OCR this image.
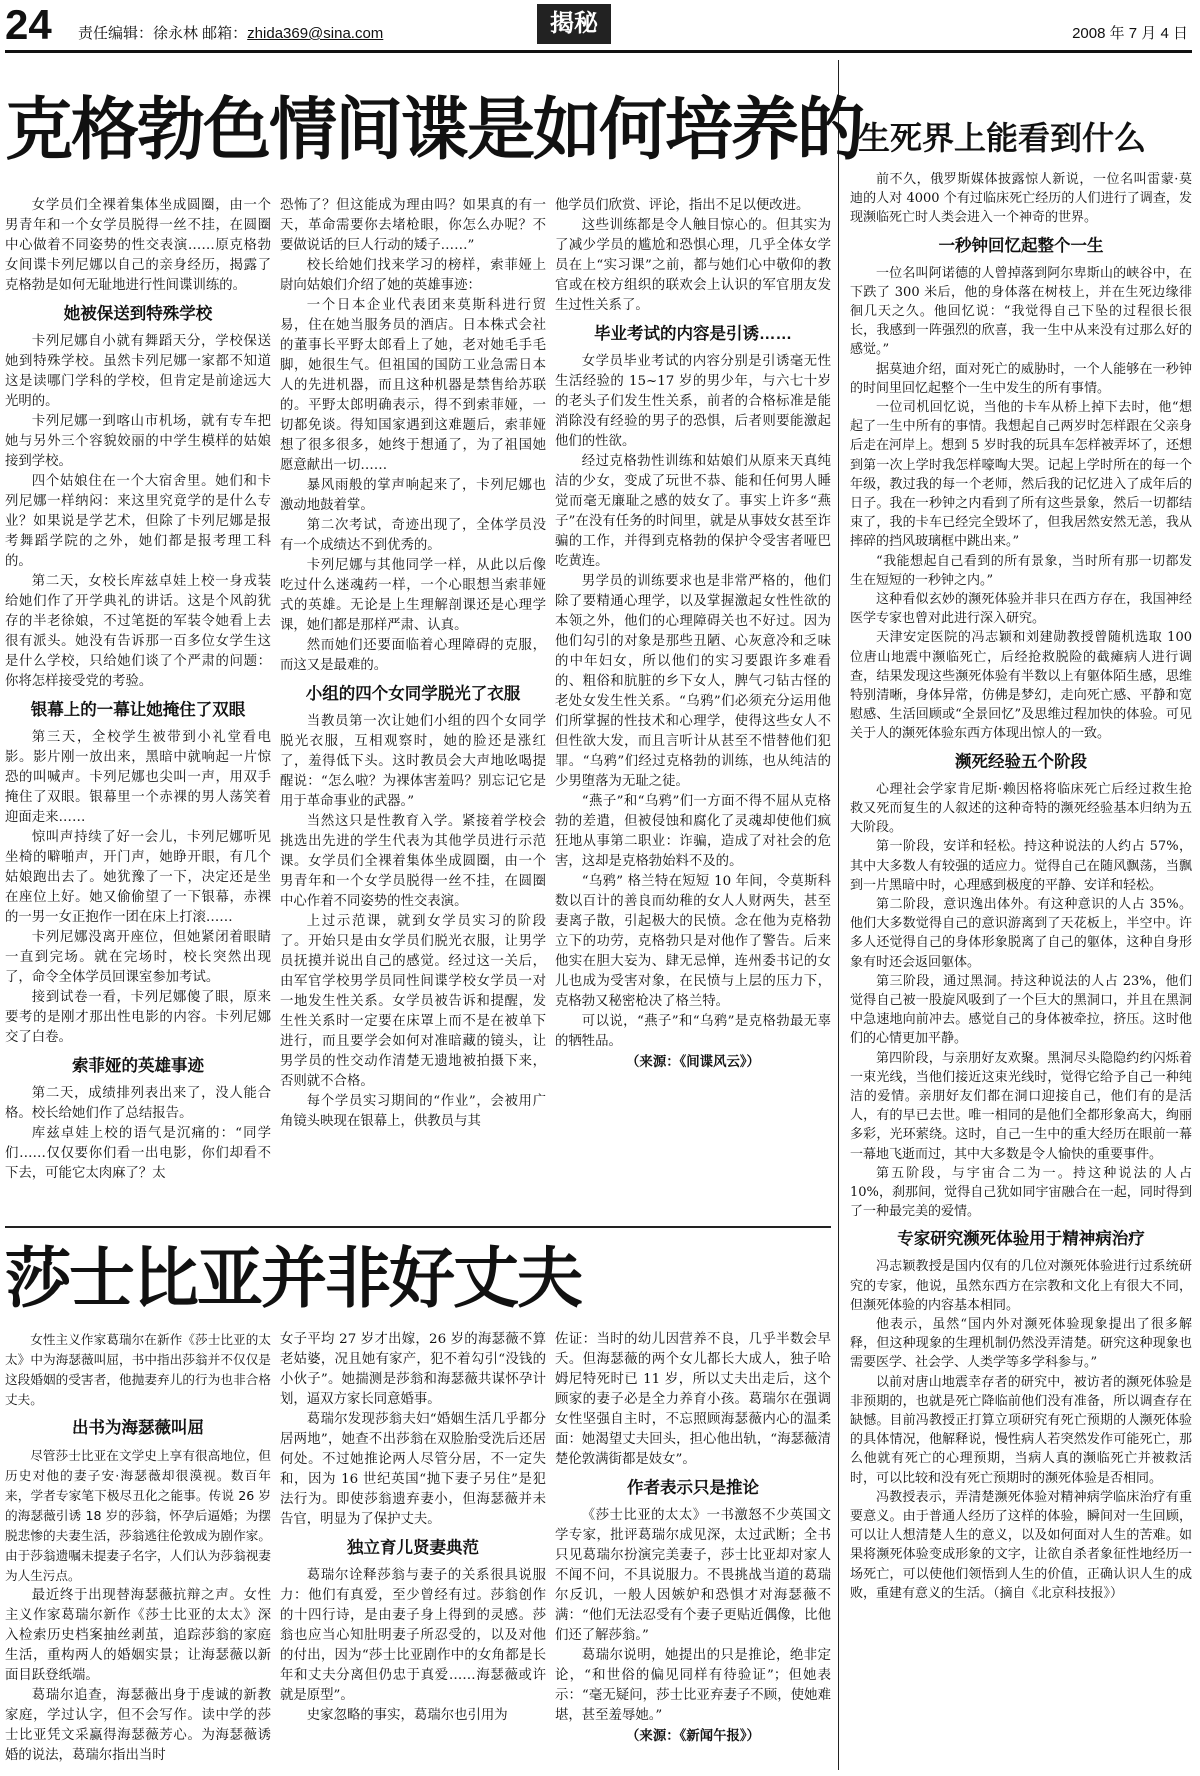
24 责任编辑：徐永林 邮箱：zhida369@sina.com	揭秘	2008 年 7 月 4 日
克格勃色情间谍是如何培养的

女学员们全裸着集体坐成圆圈，由一个男青年和一个女学员脱得一丝不挂，在圆圈中心做着不同姿势的性交表演……原克格勃女间谍卡列尼娜以自己的亲身经历，揭露了克格勃是如何无耻地进行性间谍训练的。

她被保送到特殊学校

卡列尼娜自小就有舞蹈天分，学校保送她到特殊学校。虽然卡列尼娜一家都不知道这是读哪门学科的学校，但肯定是前途远大光明的。

卡列尼娜一到喀山市机场，就有专车把她与另外三个容貌姣丽的中学生模样的姑娘接到学校。

四个姑娘住在一个大宿舍里。她们和卡列尼娜一样纳闷：来这里究竟学的是什么专业？如果说是学艺术，但除了卡列尼娜是报考舞蹈学院的之外，她们都是报考理工科的。

第二天，女校长库兹卓娃上校一身戎装给她们作了开学典礼的讲话。这是个风韵犹存的半老徐娘，不过笔挺的军装令她看上去很有派头。她没有告诉那一百多位女学生这是什么学校，只给她们谈了个严肃的问题：你将怎样接受党的考验。

银幕上的一幕让她掩住了双眼

第三天，全校学生被带到小礼堂看电影。影片刚一放出来，黑暗中就响起一片惊恐的叫喊声。卡列尼娜也尖叫一声，用双手掩住了双眼。银幕里一个赤裸的男人荡笑着迎面走来……

惊叫声持续了好一会儿，卡列尼娜听见坐椅的噼啪声，开门声，她睁开眼，有几个姑娘跑出去了。她犹豫了一下，决定还是坐在座位上好。她又偷偷望了一下银幕，赤裸的一男一女正抱作一团在床上打滚……

卡列尼娜没离开座位，但她紧闭着眼睛一直到完场。就在完场时，校长突然出现了，命令全体学员回课室参加考试。

接到试卷一看，卡列尼娜傻了眼，原来要考的是刚才那出性电影的内容。卡列尼娜交了白卷。

索菲娅的英雄事迹

第二天，成绩排列表出来了，没人能合格。校长给她们作了总结报告。

库兹卓娃上校的语气是沉痛的：“同学们……仅仅要你们看一出电影，你们却看不下去，可能它太肉麻了？太

恐怖了？但这能成为理由吗？如果真的有一天，革命需要你去堵枪眼，你怎么办呢？不要做说话的巨人行动的矮子……”

校长给她们找来学习的榜样，索菲娅上尉向姑娘们介绍了她的英雄事迹：

一个日本企业代表团来莫斯科进行贸易，住在她当服务员的酒店。日本株式会社的董事长平野太郎看上了她，老对她毛手毛脚，她很生气。但祖国的国防工业急需日本人的先进机器，而且这种机器是禁售给苏联的。平野太郎明确表示，得不到索菲娅，一切都免谈。得知国家遇到这难题后，索菲娅想了很多很多，她终于想通了，为了祖国她愿意献出一切……

暴风雨般的掌声响起来了，卡列尼娜也激动地鼓着掌。

第二次考试，奇迹出现了，全体学员没有一个成绩达不到优秀的。

卡列尼娜与其他同学一样，从此以后像吃过什么迷魂药一样，一个心眼想当索菲娅式的英雄。无论是上生理解剖课还是心理学课，她们都是那样严肃、认真。

然而她们还要面临着心理障碍的克服，而这又是最难的。

小组的四个女同学脱光了衣服

当教员第一次让她们小组的四个女同学脱光衣服，互相观察时，她的脸还是涨红了，羞得低下头。这时教员会大声地吆喝提醒说：“怎么啦？为裸体害羞吗？别忘记它是用于革命事业的武器。”

当然这只是性教育入学。紧接着学校会挑选出先进的学生代表为其他学员进行示范课。女学员们全裸着集体坐成圆圈，由一个男青年和一个女学员脱得一丝不挂，在圆圈中心作着不同姿势的性交表演。

上过示范课，就到女学员实习的阶段了。开始只是由女学员们脱光衣服，让男学员抚摸并说出自己的感觉。经过这一关后，由军官学校男学员同性间谍学校女学员一对一地发生性关系。女学员被告诉和提醒，发生性关系时一定要在床罩上而不是在被单下进行，而且要学会如何对准暗藏的镜头，让男学员的性交动作清楚无遗地被拍摄下来，否则就不合格。

每个学员实习期间的“作业”，会被用广角镜头映现在银幕上，供教员与其

他学员们欣赏、评论，指出不足以便改进。

这些训练都是令人触目惊心的。但其实为了减少学员的尴尬和恐惧心理，几乎全体女学员在上“实习课”之前，都与她们心中敬仰的教官或在校方组织的联欢会上认识的军官朋友发生过性关系了。

毕业考试的内容是引诱……

女学员毕业考试的内容分别是引诱毫无性生活经验的 15~17 岁的男少年，与六七十岁的老头子们发生性关系，前者的合格标准是能消除没有经验的男子的恐惧，后者则要能激起他们的性欲。

经过克格勃性训练和姑娘们从原来天真纯洁的少女，变成了玩世不恭、能和任何男人睡觉而毫无廉耻之感的妓女了。事实上许多“燕子”在没有任务的时间里，就是从事妓女甚至诈骗的工作，并得到克格勃的保护令受害者哑巴吃黄连。

男学员的训练要求也是非常严格的，他们除了要精通心理学，以及掌握激起女性性欲的本领之外，他们的心理障碍关也不好过。因为他们勾引的对象是那些丑陋、心灰意冷和乏味的中年妇女，所以他们的实习要跟许多难看的、粗俗和肮脏的乡下女人，脾气刁钻古怪的老处女发生性关系。“乌鸦”们必须充分运用他们所掌握的性技术和心理学，使得这些女人不但性欲大发，而且言听计从甚至不惜替他们犯罪。“乌鸦”们经过克格勃的训练，也从纯洁的少男堕落为无耻之徒。

“燕子”和“乌鸦”们一方面不得不屈从克格勃的差遣，但被侵蚀和腐化了灵魂却使他们疯狂地从事第二职业：诈骗，造成了对社会的危害，这却是克格勃始料不及的。

“乌鸦” 格兰特在短短 10 年间，令莫斯科数以百计的善良而幼稚的女人人财两失，甚至妻离子散，引起极大的民愤。念在他为克格勃立下的功劳，克格勃只是对他作了警告。后来他实在胆大妄为、肆无忌惮，连州委书记的女儿也成为受害对象，在民愤与上层的压力下，克格勃又秘密枪决了格兰特。

可以说，“燕子”和“乌鸦”是克格勃最无辜的牺牲品。

（来源：《间谍风云》）

莎士比亚并非好丈夫

女性主义作家葛瑞尔在新作《莎士比亚的太太》中为海瑟薇叫屈，书中指出莎翁并不仅仅是这段婚姻的受害者，他抛妻弃儿的行为也非合格丈夫。

出书为海瑟薇叫屈

尽管莎士比亚在文学史上享有很高地位，但历史对他的妻子安·海瑟薇却很漠视。数百年来，学者专家笔下极尽丑化之能事。传说 26 岁的海瑟薇引诱 18 岁的莎翁，怀孕后逼婚；为摆脱悲惨的夫妻生活，莎翁逃往伦敦成为剧作家。由于莎翁遗嘱未提妻子名字，人们认为莎翁视妻为人生污点。

最近终于出现替海瑟薇抗辩之声。女性主义作家葛瑞尔新作《莎士比亚的太太》深入检索历史档案抽丝剥茧，追踪莎翁的家庭生活，重构两人的婚姻实景；让海瑟薇以新面目跃登纸端。

葛瑞尔追查，海瑟薇出身于虔诚的新教家庭，学过认字，但不会写作。读中学的莎士比亚凭文采赢得海瑟薇芳心。为海瑟薇诱婚的说法，葛瑞尔指出当时

女子平均 27 岁才出嫁，26 岁的海瑟薇不算老姑婆，况且她有家产，犯不着勾引“没钱的小伙子”。她揣测是莎翁和海瑟薇共谋怀孕计划，逼双方家长同意婚事。

葛瑞尔发现莎翁夫妇“婚姻生活几乎都分居两地”，她查不出莎翁在双脸胎受洗后还居何处。不过她推论两人尽管分居，不一定失和，因为 16 世纪英国“抛下妻子另住”是犯法行为。即使莎翁遗弃妻小，但海瑟薇并未告官，明显为了保护丈夫。

独立育儿贤妻典范

葛瑞尔诠释莎翁与妻子的关系很具说服力：他们有真爱，至少曾经有过。莎翁创作的十四行诗，是由妻子身上得到的灵感。莎翁也应当心知肚明妻子所忍受的，以及对他的付出，因为“莎士比亚剧作中的女角都是长年和丈夫分离但仍忠于真爱……海瑟薇或许就是原型”。

史家忽略的事实，葛瑞尔也引用为

佐证：当时的幼儿因营养不良，几乎半数会早夭。但海瑟薇的两个女儿都长大成人，独子哈姆尼特死时已 11 岁，所以丈夫出走后，这个顾家的妻子必是全力养育小孩。葛瑞尔在强调女性坚强自主时，不忘照顾海瑟薇内心的温柔面：她渴望丈夫回头，担心他出轨，“海瑟薇清楚伦敦满街都是妓女”。

作者表示只是推论

《莎士比亚的太太》一书激怒不少英国文学专家，批评葛瑞尔成见深，太过武断；全书只见葛瑞尔扮演完美妻子，莎士比亚却对家人不闻不问，不具说服力。不畏挑战当道的葛瑞尔反讥，一般人因嫉妒和恐惧才对海瑟薇不满：“他们无法忍受有个妻子更贴近偶像，比他们还了解莎翁。”

葛瑞尔说明，她提出的只是推论，绝非定论，“和世俗的偏见同样有待验证”；但她表示：“毫无疑问，莎士比亚弃妻子不顾，使她难堪，甚至羞辱她。”

（来源：《新闻午报》）

生死界上能看到什么

前不久，俄罗斯媒体披露惊人新说，一位名叫雷蒙·莫迪的人对 4000 个有过临床死亡经历的人们进行了调查，发现濒临死亡时人类会进入一个神奇的世界。

一秒钟回忆起整个一生

一位名叫阿诺德的人曾掉落到阿尔卑斯山的峡谷中，在下跌了 300 米后，他的身体落在树枝上，并在生死边缘徘徊几天之久。他回忆说：“我觉得自己下坠的过程很长很长，我感到一阵强烈的欣喜，我一生中从来没有过那么好的感觉。”

据莫迪介绍，面对死亡的威胁时，一个人能够在一秒钟的时间里回忆起整个一生中发生的所有事情。

一位司机回忆说，当他的卡车从桥上掉下去时，他“想起了一生中所有的事情。我想起自己两岁时怎样跟在父亲身后走在河岸上。想到 5 岁时我的玩具车怎样被弄坏了，还想到第一次上学时我怎样嚎啕大哭。记起上学时所在的每一个年级，教过我的每一个老师，然后我的记忆进入了成年后的日子。我在一秒钟之内看到了所有这些景象，然后一切都结束了，我的卡车已经完全毁坏了，但我居然安然无恙，我从摔碎的挡风玻璃框中跳出来。”

“我能想起自己看到的所有景象，当时所有那一切都发生在短短的一秒钟之内。”

这种看似玄妙的濒死体验并非只在西方存在，我国神经医学专家也曾对此进行深入研究。

天津安定医院的冯志颖和刘建勋教授曾随机选取 100 位唐山地震中濒临死亡，后经抢救脱险的截瘫病人进行调查，结果发现这些濒死体验有半数以上有躯体陌生感，思维特别清晰，身体异常，仿佛是梦幻，走向死亡感、平静和宽慰感、生活回顾或“全景回忆”及思维过程加快的体验。可见关于人的濒死体验东西方体现出惊人的一致。

濒死经验五个阶段

心理社会学家肯尼斯·赖因格将临床死亡后经过救生抢救又死而复生的人叙述的这种奇特的濒死经验基本归纳为五大阶段。

第一阶段，安详和轻松。持这种说法的人约占 57%，其中大多数人有较强的适应力。觉得自己在随风飘荡，当飘到一片黑暗中时，心理感到极度的平静、安详和轻松。

第二阶段，意识逸出体外。有这种意识的人占 35%。他们大多数觉得自己的意识游离到了天花板上，半空中。许多人还觉得自己的身体形象脱离了自己的躯体，这种自身形象有时还会返回躯体。

第三阶段，通过黑洞。持这种说法的人占 23%，他们觉得自己被一股旋风吸到了一个巨大的黑洞口，并且在黑洞中急速地向前冲去。感觉自己的身体被牵拉，挤压。这时他们的心情更加平静。

第四阶段，与亲朋好友欢聚。黑洞尽头隐隐约约闪烁着一束光线，当他们接近这束光线时，觉得它给予自己一种纯洁的爱情。亲朋好友们都在洞口迎接自己，他们有的是活人，有的早已去世。唯一相同的是他们全都形象高大，绚丽多彩，光环萦绕。这时，自己一生中的重大经历在眼前一幕一幕地飞逝而过，其中大多数是令人愉快的重要事件。

第五阶段，与宇宙合二为一。持这种说法的人占 10%，刹那间，觉得自己犹如同宇宙融合在一起，同时得到了一种最完美的爱情。

专家研究濒死体验用于精神病治疗

冯志颖教授是国内仅有的几位对濒死体验进行过系统研究的专家，他说，虽然东西方在宗教和文化上有很大不同，但濒死体验的内容基本相同。

他表示，虽然“国内外对濒死体验现象提出了很多解释，但这种现象的生理机制仍然没弄清楚。研究这种现象也需要医学、社会学、人类学等多学科参与。”

以前对唐山地震幸存者的研究中，被访者的濒死体验是非预期的，也就是死亡降临前他们没有准备，所以调查存在缺憾。目前冯教授正打算立项研究有死亡预期的人濒死体验的具体情况，他解释说，慢性病人若突然发作可能死亡，那么他就有死亡的心理预期，当病人真的濒临死亡并被救活时，可以比较和没有死亡预期时的濒死体验是否相同。

冯教授表示，弄清楚濒死体验对精神病学临床治疗有重要意义。由于普通人经历了这样的体验，瞬间对一生回顾，可以让人想清楚人生的意义，以及如何面对人生的苦难。如果将濒死体验变成形象的文字，让欲自杀者象征性地经历一场死亡，可以使他们领悟到人生的价值，正确认识人生的成败，重建有意义的生活。（摘自《北京科技报》）
